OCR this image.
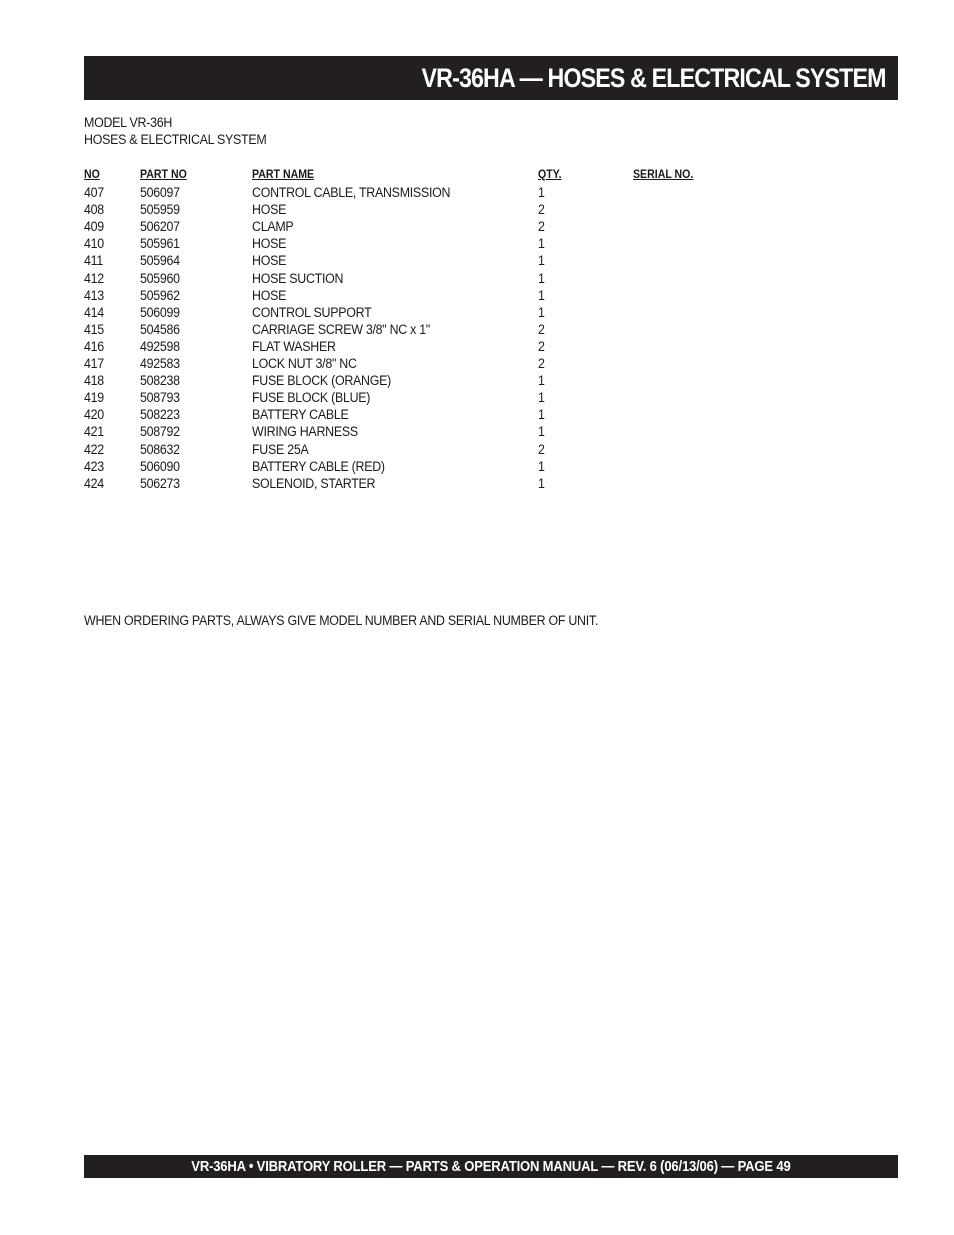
VR-36HA — HOSES & ELECTRICAL SYSTEM
MODEL VR-36H
HOSES & ELECTRICAL SYSTEM
NO	PART NO	PART NAME	QTY.	SERIAL NO.
407	506097	CONTROL CABLE, TRANSMISSION	1
408	505959	HOSE	2
409	506207	CLAMP	2
410	505961	HOSE	1
411	505964	HOSE	1
412	505960	HOSE SUCTION	1
413	505962	HOSE	1
414	506099	CONTROL SUPPORT	1
415	504586	CARRIAGE SCREW 3/8" NC x 1"	2
416	492598	FLAT WASHER	2
417	492583	LOCK NUT 3/8" NC	2
418	508238	FUSE BLOCK (ORANGE)	1
419	508793	FUSE BLOCK (BLUE)	1
420	508223	BATTERY CABLE	1
421	508792	WIRING HARNESS	1
422	508632	FUSE 25A	2
423	506090	BATTERY CABLE (RED)	1
424	506273	SOLENOID, STARTER	1
WHEN ORDERING PARTS, ALWAYS GIVE MODEL NUMBER AND SERIAL NUMBER OF UNIT.
VR-36HA • VIBRATORY ROLLER — PARTS & OPERATION MANUAL — REV. 6 (06/13/06) — PAGE 49
